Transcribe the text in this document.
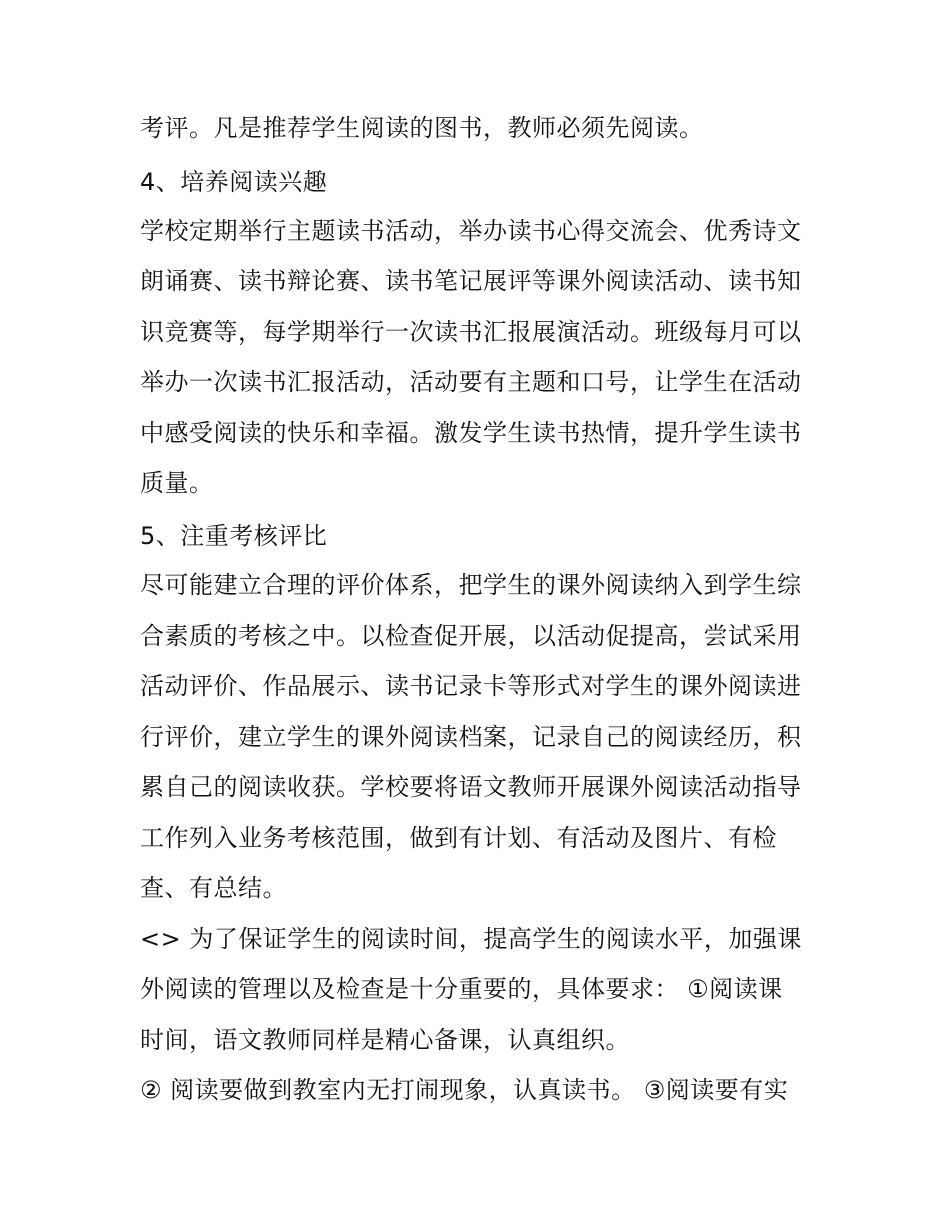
考评。凡是推荐学生阅读的图书，教师必须先阅读。
4、培养阅读兴趣
学校定期举行主题读书活动，举办读书心得交流会、优秀诗文
朗诵赛、读书辩论赛、读书笔记展评等课外阅读活动、读书知
识竞赛等，每学期举行一次读书汇报展演活动。班级每月可以
举办一次读书汇报活动，活动要有主题和口号，让学生在活动
中感受阅读的快乐和幸福。激发学生读书热情，提升学生读书
质量。
5、注重考核评比
尽可能建立合理的评价体系，把学生的课外阅读纳入到学生综
合素质的考核之中。以检查促开展，以活动促提高，尝试采用
活动评价、作品展示、读书记录卡等形式对学生的课外阅读进
行评价，建立学生的课外阅读档案，记录自己的阅读经历，积
累自己的阅读收获。学校要将语文教师开展课外阅读活动指导
工作列入业务考核范围，做到有计划、有活动及图片、有检
查、有总结。
<> 为了保证学生的阅读时间，提高学生的阅读水平，加强课
外阅读的管理以及检查是十分重要的，具体要求： ①阅读课
时间，语文教师同样是精心备课，认真组织。
② 阅读要做到教室内无打闹现象，认真读书。 ③阅读要有实
